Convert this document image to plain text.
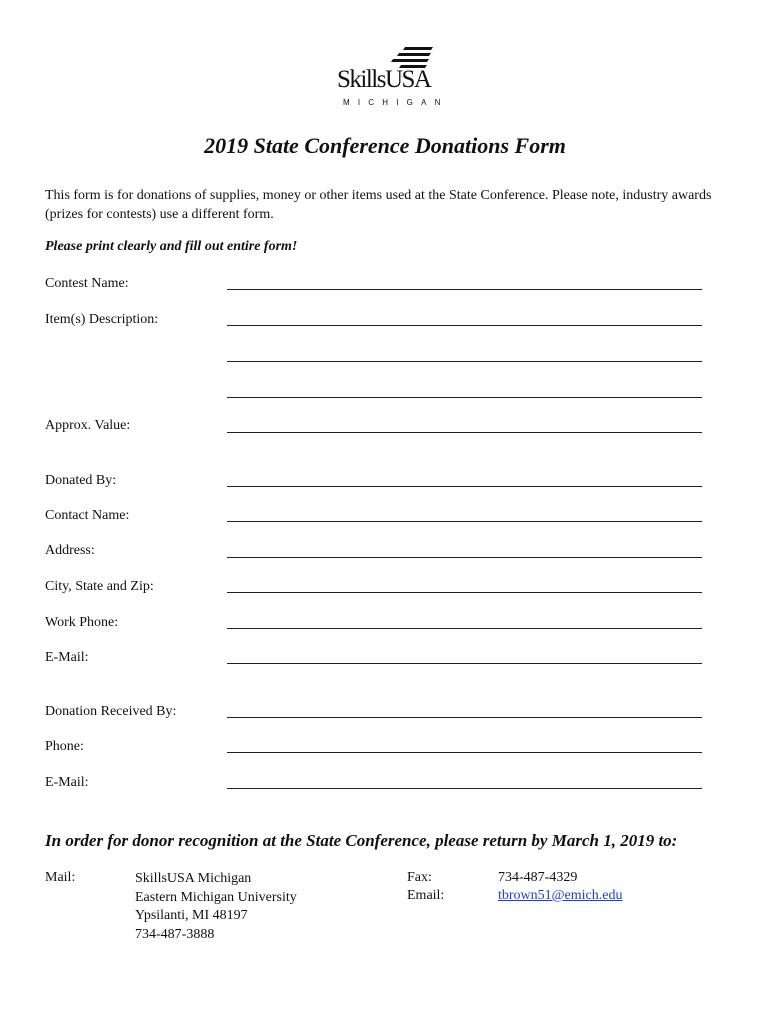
SkillsUSA
MICHIGAN
2019 State Conference Donations Form
This form is for donations of supplies, money or other items used at the State Conference. Please note, industry awards (prizes for contests) use a different form.
Please print clearly and fill out entire form!
Contest Name:
Item(s) Description:
Approx. Value:
Donated By:
Contact Name:
Address:
City, State and Zip:
Work Phone:
E-Mail:
Donation Received By:
Phone:
E-Mail:
In order for donor recognition at the State Conference, please return by March 1, 2019 to:
Mail:	SkillsUSA Michigan
Eastern Michigan University
Ypsilanti, MI 48197
734-487-3888
Fax:	734-487-4329
Email:	tbrown51@emich.edu
